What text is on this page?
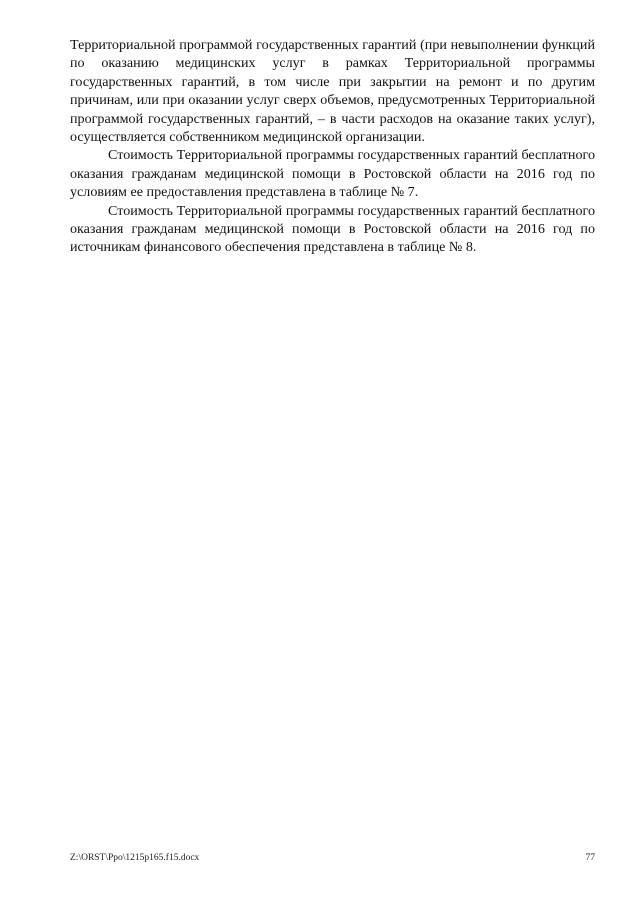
Территориальной программой государственных гарантий (при невыполнении функций по оказанию медицинских услуг в рамках Территориальной программы государственных гарантий, в том числе при закрытии на ремонт и по другим причинам, или при оказании услуг сверх объемов, предусмотренных Территориальной программой государственных гарантий, – в части расходов на оказание таких услуг), осуществляется собственником медицинской организации.

Стоимость Территориальной программы государственных гарантий бесплатного оказания гражданам медицинской помощи в Ростовской области на 2016 год по условиям ее предоставления представлена в таблице № 7.

Стоимость Территориальной программы государственных гарантий бесплатного оказания гражданам медицинской помощи в Ростовской области на 2016 год по источникам финансового обеспечения представлена в таблице № 8.

Z:\ORST\Ppo\1215p165.f15.docx	77
